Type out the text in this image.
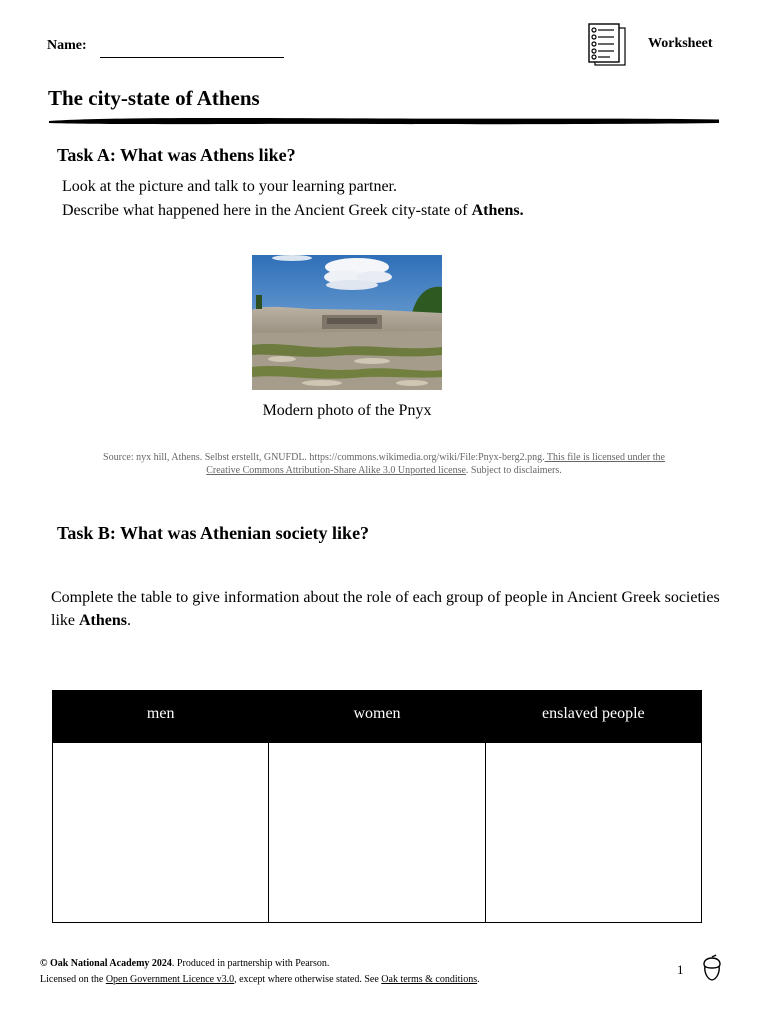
Name:	Worksheet
The city-state of Athens
Task A: What was Athens like?
Look at the picture and talk to your learning partner.
Describe what happened here in the Ancient Greek city-state of Athens.
Modern photo of the Pnyx
Source: nyx hill, Athens. Selbst erstellt, GNUFDL. https://commons.wikimedia.org/wiki/File:Pnyx-berg2.png. This file is licensed under the Creative Commons Attribution-Share Alike 3.0 Unported license. Subject to disclaimers.
Task B: What was Athenian society like?
Complete the table to give information about the role of each group of people in Ancient Greek societies like Athens.
men	women	enslaved people

© Oak National Academy 2024. Produced in partnership with Pearson.
Licensed on the Open Government Licence v3.0, except where otherwise stated. See Oak terms & conditions.
1
